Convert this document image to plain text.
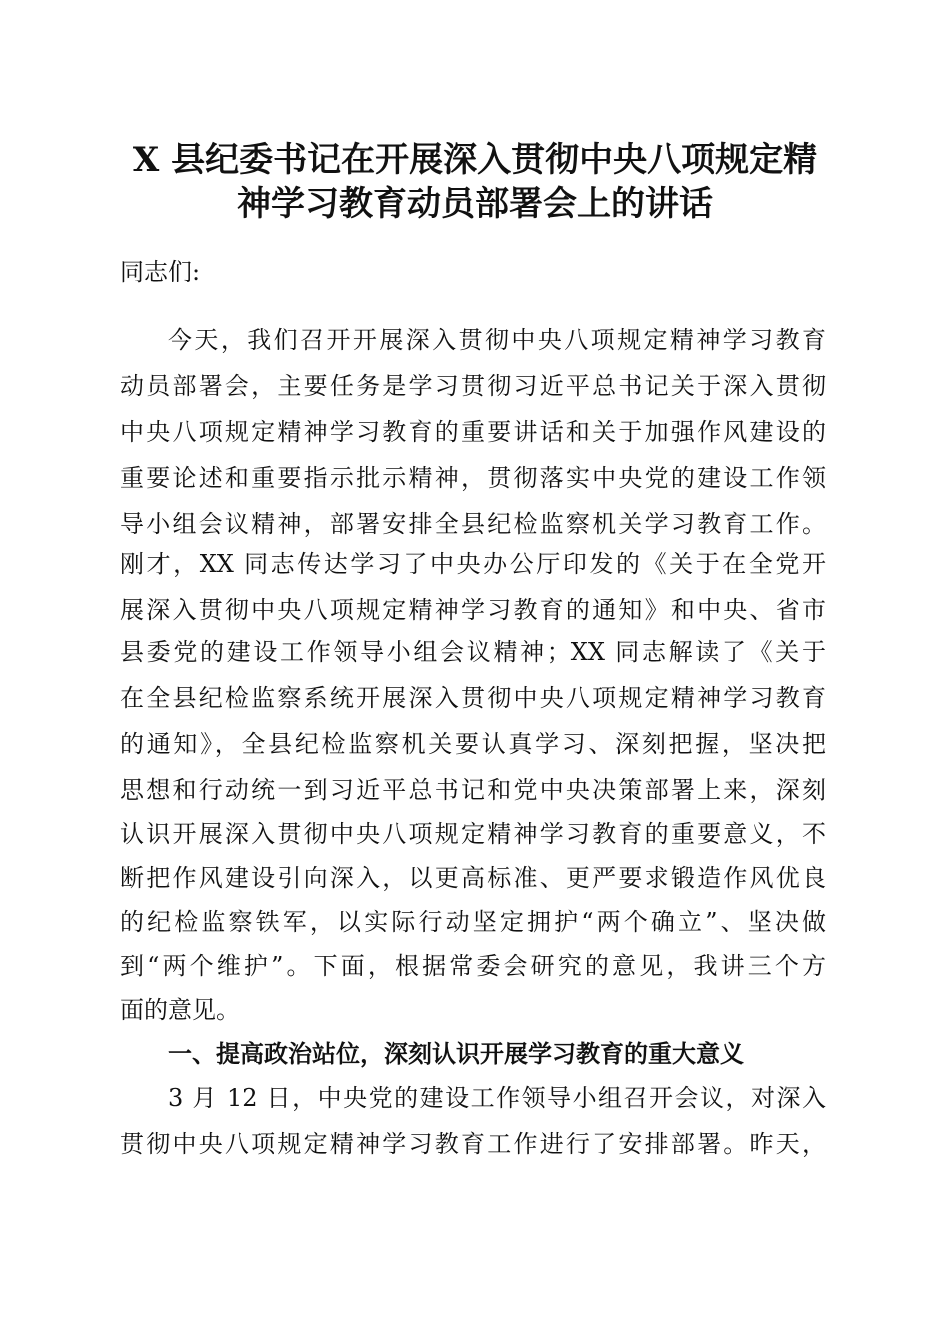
X 县纪委书记在开展深入贯彻中央八项规定精
神学习教育动员部署会上的讲话
同志们:
今天，我们召开开展深入贯彻中央八项规定精神学习教育
动员部署会，主要任务是学习贯彻习近平总书记关于深入贯彻
中央八项规定精神学习教育的重要讲话和关于加强作风建设的
重要论述和重要指示批示精神，贯彻落实中央党的建设工作领
导小组会议精神，部署安排全县纪检监察机关学习教育工作。
刚才，XX 同志传达学习了中央办公厅印发的《关于在全党开
展深入贯彻中央八项规定精神学习教育的通知》和中央、省市
县委党的建设工作领导小组会议精神；XX 同志解读了《关于
在全县纪检监察系统开展深入贯彻中央八项规定精神学习教育
的通知》，全县纪检监察机关要认真学习、深刻把握，坚决把
思想和行动统一到习近平总书记和党中央决策部署上来，深刻
认识开展深入贯彻中央八项规定精神学习教育的重要意义，不
断把作风建设引向深入，以更高标准、更严要求锻造作风优良
的纪检监察铁军，以实际行动坚定拥护“两个确立”、坚决做
到“两个维护”。下面，根据常委会研究的意见，我讲三个方
面的意见。
一、提高政治站位，深刻认识开展学习教育的重大意义
3 月 12 日，中央党的建设工作领导小组召开会议，对深入
贯彻中央八项规定精神学习教育工作进行了安排部署。昨天，
